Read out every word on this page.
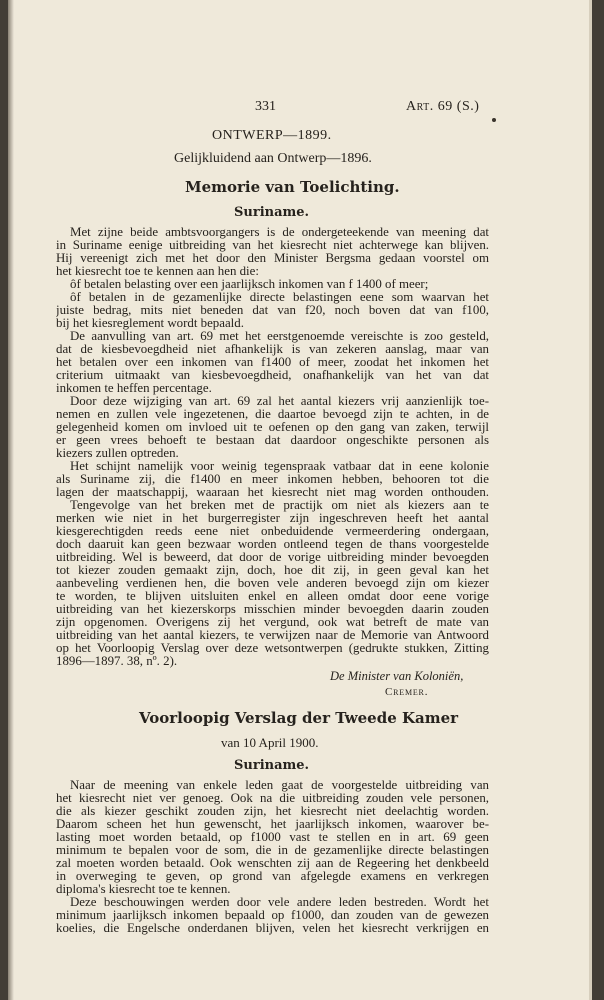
331	Art. 69 (S.)
ONTWERP—1899.
Gelijkluidend aan Ontwerp—1896.
Memorie van Toelichting.
Suriname.
Met zijne beide ambtsvoorgangers is de ondergeteekende van meening dat
in Suriname eenige uitbreiding van het kiesrecht niet achterwege kan blijven.
Hij vereenigt zich met het door den Minister Bergsma gedaan voorstel om
het kiesrecht toe te kennen aan hen die:
ôf betalen belasting over een jaarlijksch inkomen van f 1400 of meer;
ôf betalen in de gezamenlijke directe belastingen eene som waarvan het
juiste bedrag, mits niet beneden dat van f20, noch boven dat van f100,
bij het kiesreglement wordt bepaald.
De aanvulling van art. 69 met het eerstgenoemde vereischte is zoo gesteld,
dat de kiesbevoegdheid niet afhankelijk is van zekeren aanslag, maar van
het betalen over een inkomen van f1400 of meer, zoodat het inkomen het
criterium uitmaakt van kiesbevoegdheid, onafhankelijk van het van dat
inkomen te heffen percentage.
Door deze wijziging van art. 69 zal het aantal kiezers vrij aanzienlijk toe-
nemen en zullen vele ingezetenen, die daartoe bevoegd zijn te achten, in de
gelegenheid komen om invloed uit te oefenen op den gang van zaken, terwijl
er geen vrees behoeft te bestaan dat daardoor ongeschikte personen als
kiezers zullen optreden.
Het schijnt namelijk voor weinig tegenspraak vatbaar dat in eene kolonie
als Suriname zij, die f1400 en meer inkomen hebben, behooren tot die
lagen der maatschappij, waaraan het kiesrecht niet mag worden onthouden.
Tengevolge van het breken met de practijk om niet als kiezers aan te
merken wie niet in het burgerregister zijn ingeschreven heeft het aantal
kiesgerechtigden reeds eene niet onbeduidende vermeerdering ondergaan,
doch daaruit kan geen bezwaar worden ontleend tegen de thans voorgestelde
uitbreiding. Wel is beweerd, dat door de vorige uitbreiding minder bevoegden
tot kiezer zouden gemaakt zijn, doch, hoe dit zij, in geen geval kan het
aanbeveling verdienen hen, die boven vele anderen bevoegd zijn om kiezer
te worden, te blijven uitsluiten enkel en alleen omdat door eene vorige
uitbreiding van het kiezerskorps misschien minder bevoegden daarin zouden
zijn opgenomen. Overigens zij het vergund, ook wat betreft de mate van
uitbreiding van het aantal kiezers, te verwijzen naar de Memorie van Antwoord
op het Voorloopig Verslag over deze wetsontwerpen (gedrukte stukken, Zitting
1896—1897. 38, nº. 2).
De Minister van Koloniën,
Cremer.
Voorloopig Verslag der Tweede Kamer
van 10 April 1900.
Suriname.
Naar de meening van enkele leden gaat de voorgestelde uitbreiding van
het kiesrecht niet ver genoeg. Ook na die uitbreiding zouden vele personen,
die als kiezer geschikt zouden zijn, het kiesrecht niet deelachtig worden.
Daarom scheen het hun gewenscht, het jaarlijksch inkomen, waarover be-
lasting moet worden betaald, op f1000 vast te stellen en in art. 69 geen
minimum te bepalen voor de som, die in de gezamenlijke directe belastingen
zal moeten worden betaald. Ook wenschten zij aan de Regeering het denkbeeld
in overweging te geven, op grond van afgelegde examens en verkregen
diploma's kiesrecht toe te kennen.
Deze beschouwingen werden door vele andere leden bestreden. Wordt het
minimum jaarlijksch inkomen bepaald op f1000, dan zouden van de gewezen
koelies, die Engelsche onderdanen blijven, velen het kiesrecht verkrijgen en
